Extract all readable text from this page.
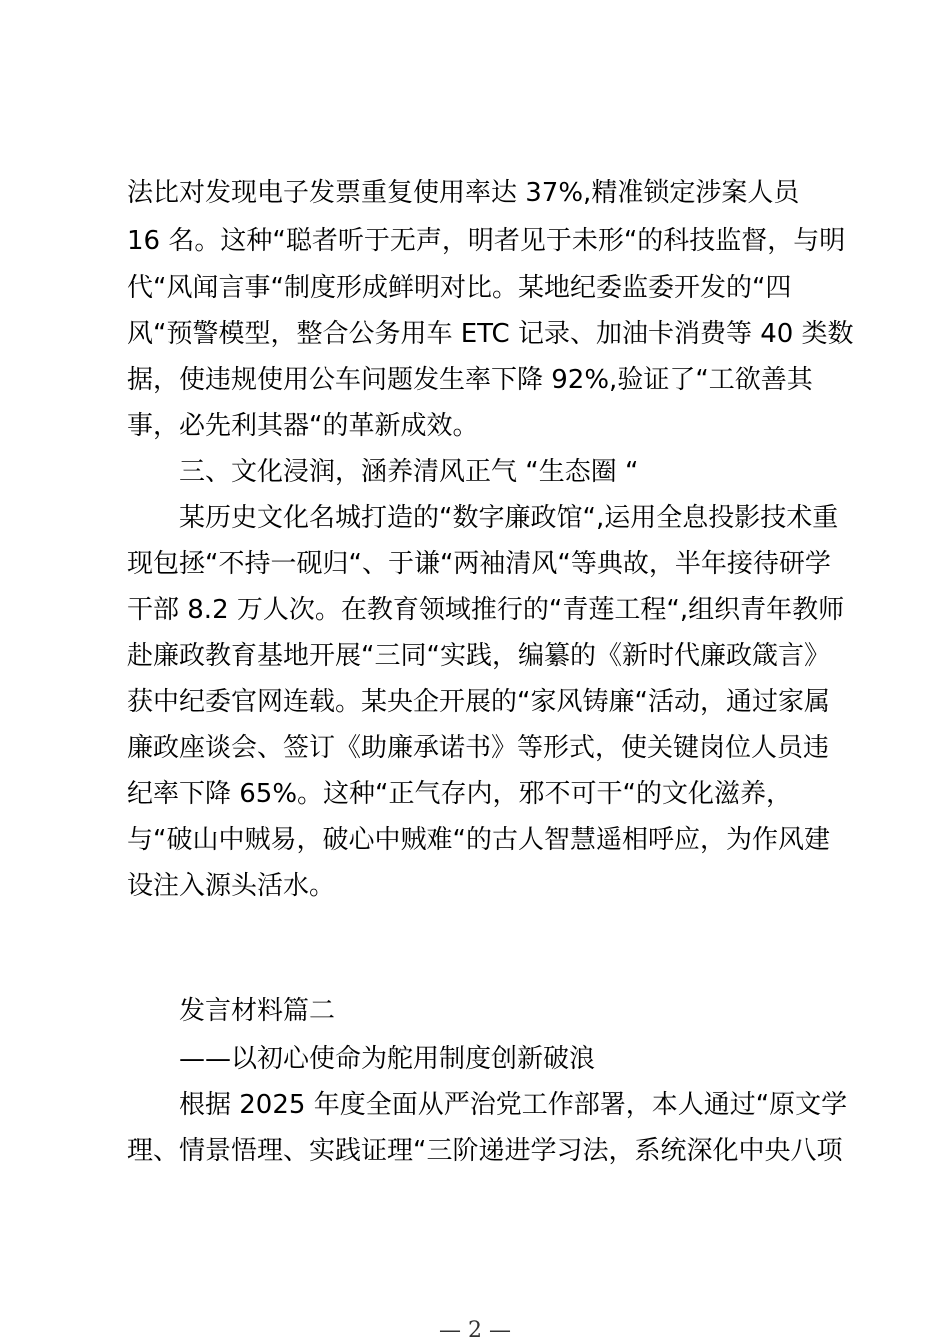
法比对发现电子发票重复使用率达 37%,精准锁定涉案人员
16 名。这种“聪者听于无声，明者见于未形“的科技监督，与明
代“风闻言事“制度形成鲜明对比。某地纪委监委开发的“四
风“预警模型，整合公务用车 ETC 记录、加油卡消费等 40 类数
据，使违规使用公车问题发生率下降 92%,验证了“工欲善其
事，必先利其器“的革新成效。
三、文化浸润，涵养清风正气 “生态圈 “
某历史文化名城打造的“数字廉政馆“,运用全息投影技术重
现包拯“不持一砚归“、于谦“两袖清风“等典故，半年接待研学
干部 8.2 万人次。在教育领域推行的“青莲工程“,组织青年教师
赴廉政教育基地开展“三同“实践，编纂的《新时代廉政箴言》
获中纪委官网连载。某央企开展的“家风铸廉“活动，通过家属
廉政座谈会、签订《助廉承诺书》等形式，使关键岗位人员违
纪率下降 65%。这种“正气存内，邪不可干“的文化滋养，
与“破山中贼易，破心中贼难“的古人智慧遥相呼应，为作风建
设注入源头活水。
发言材料篇二
——以初心使命为舵用制度创新破浪
根据 2025 年度全面从严治党工作部署，本人通过“原文学
理、情景悟理、实践证理“三阶递进学习法，系统深化中央八项
— 2 —
